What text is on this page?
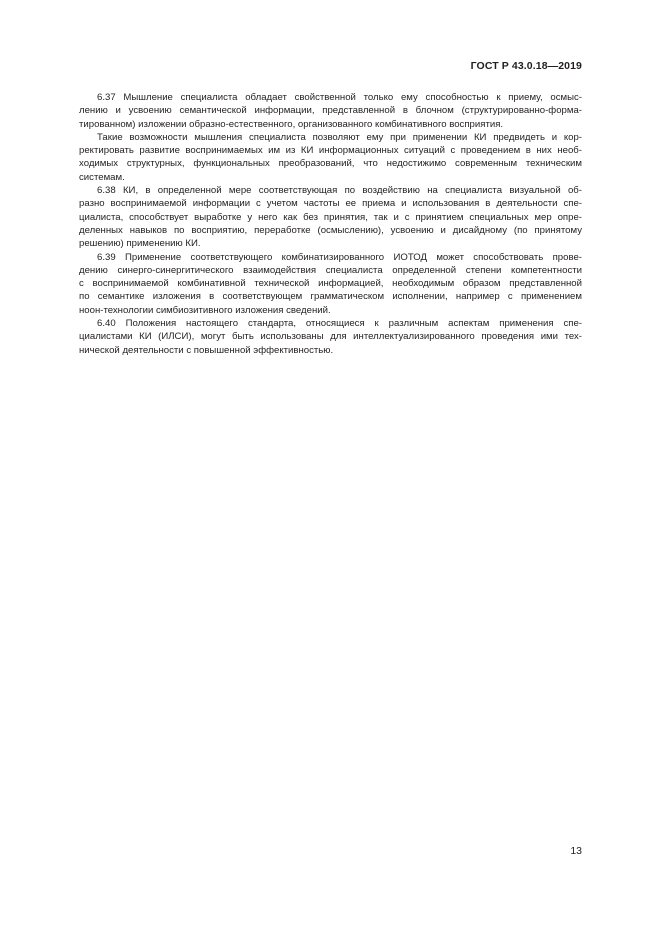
ГОСТ Р 43.0.18—2019

6.37 Мышление специалиста обладает свойственной только ему способностью к приему, осмыс-
лению и усвоению семантической информации, представленной в блочном (структурированно-форма-
тированном) изложении образно-естественного, организованного комбинативного восприятия.

Такие возможности мышления специалиста позволяют ему при применении КИ предвидеть и кор-
ректировать развитие воспринимаемых им из КИ информационных ситуаций с проведением в них необ-
ходимых структурных, функциональных преобразований, что недостижимо современным техническим
системам.

6.38 КИ, в определенной мере соответствующая по воздействию на специалиста визуальной об-
разно воспринимаемой информации с учетом частоты ее приема и использования в деятельности спе-
циалиста, способствует выработке у него как без принятия, так и с принятием специальных мер опре-
деленных навыков по восприятию, переработке (осмыслению), усвоению и дисайдному (по принятому
решению) применению КИ.

6.39 Применение соответствующего комбинатизированного ИОТОД может способствовать прове-
дению синерго-синергитического взаимодействия специалиста определенной степени компетентности
с воспринимаемой комбинативной технической информацией, необходимым образом представленной
по семантике изложения в соответствующем грамматическом исполнении, например с применением
ноон-технологии симбиозитивного изложения сведений.

6.40 Положения настоящего стандарта, относящиеся к различным аспектам применения спе-
циалистами КИ (ИЛСИ), могут быть использованы для интеллектуализированного проведения ими тех-
нической деятельности с повышенной эффективностью.

13
